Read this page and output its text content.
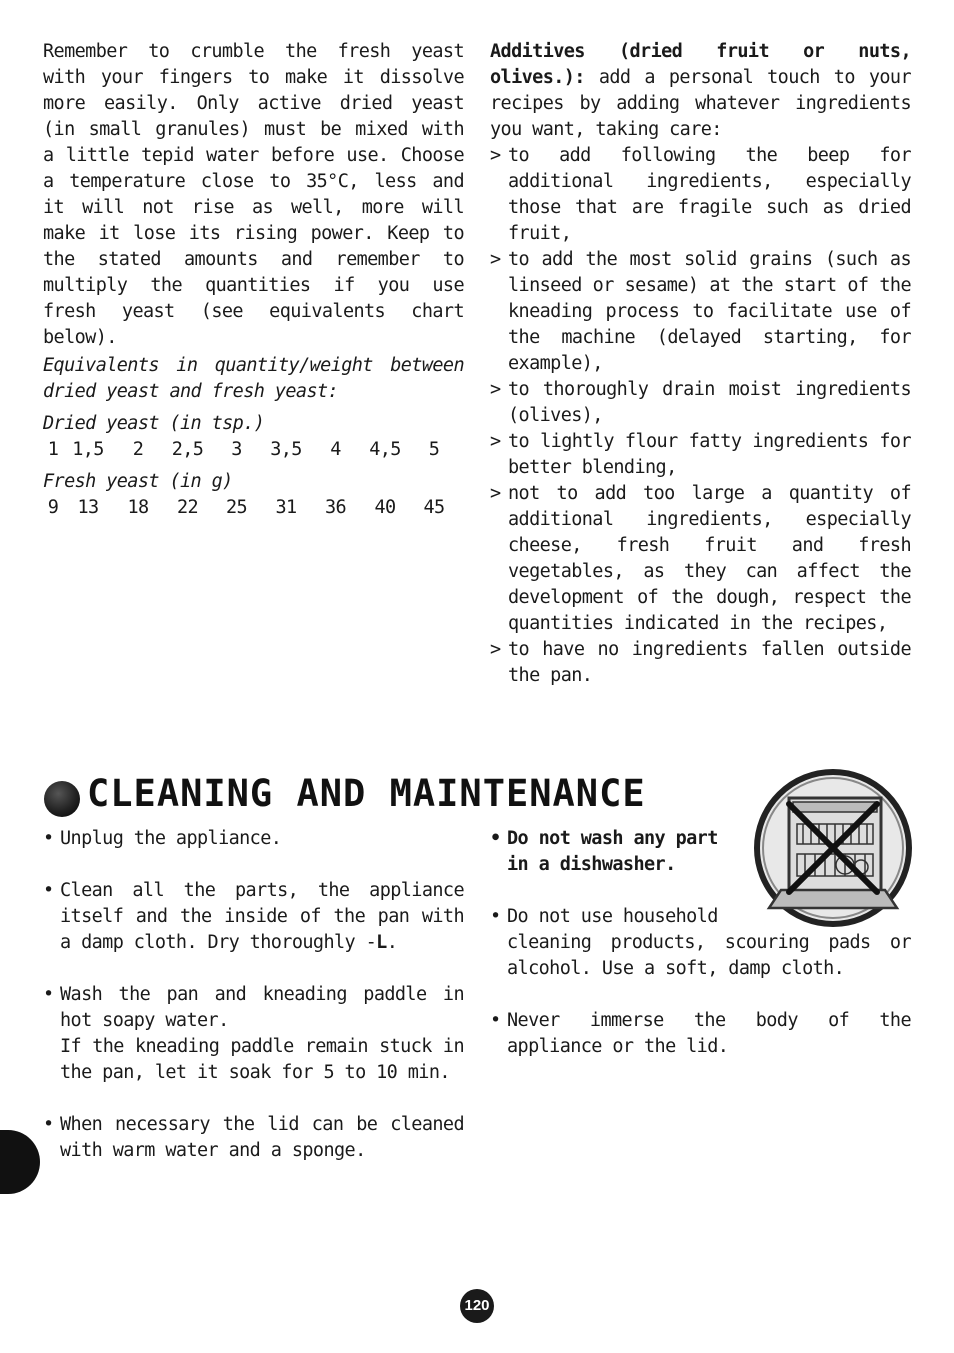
Remember to crumble the fresh yeast with your fingers to make it dissolve more easily. Only active dried yeast (in small granules) must be mixed with a little tepid water before use. Choose a temperature close to 35°C, less and it will not rise as well, more will make it lose its rising power. Keep to the stated amounts and remember to multiply the quantities if you use fresh yeast (see equivalents chart below).

Equivalents in quantity/weight between dried yeast and fresh yeast:

Dried yeast (in tsp.)

1 1,5	2	2,5	3	3,5	4	4,5	5

Fresh yeast (in g)

9	13	18	22	25	31	36	40	45

Additives (dried fruit or nuts, olives.): add a personal touch to your recipes by adding whatever ingredients you want, taking care:

> to add following the beep for additional ingredients, especially those that are fragile such as dried fruit,
> to add the most solid grains (such as linseed or sesame) at the start of the kneading process to facilitate use of the machine (delayed starting, for example),
> to thoroughly drain moist ingredients (olives),
> to lightly flour fatty ingredients for better blending,
> not to add too large a quantity of additional ingredients, especially cheese, fresh fruit and fresh vegetables, as they can affect the development of the dough, respect the quantities indicated in the recipes,
> to have no ingredients fallen outside the pan.
CLEANING AND MAINTENANCE
• Unplug the appliance.
• Clean all the parts, the appliance itself and the inside of the pan with a damp cloth. Dry thoroughly -L.
• Wash the pan and kneading paddle in hot soapy water.
If the kneading paddle remain stuck in the pan, let it soak for 5 to 10 min.
• When necessary the lid can be cleaned with warm water and a sponge.
• Do not wash any part
in a dishwasher.
• Do not use household
cleaning products, scouring pads or alcohol. Use a soft, damp cloth.
• Never immerse the body of the appliance or the lid.
120
